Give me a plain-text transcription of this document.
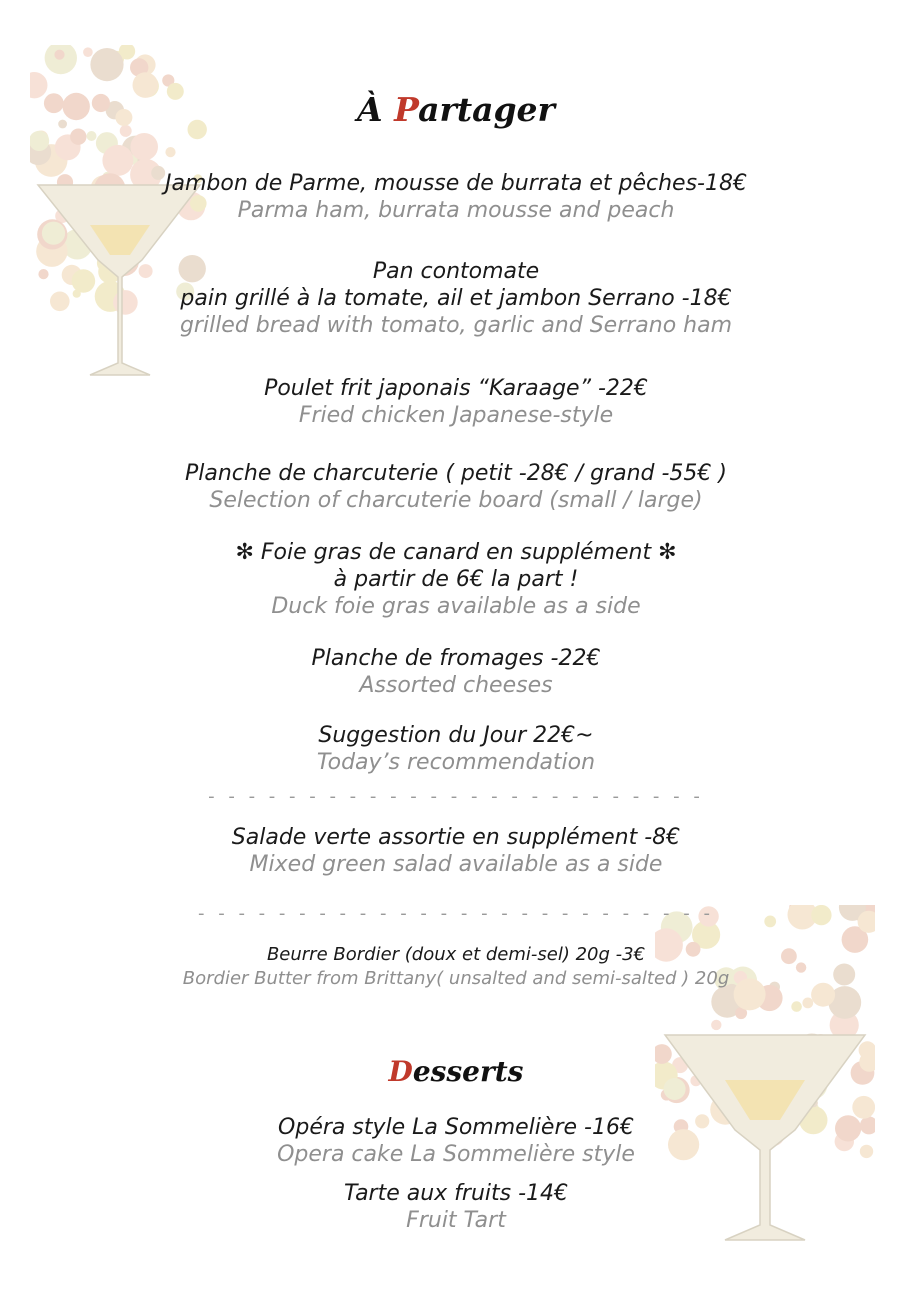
À Partager
Jambon de Parme, mousse de burrata et pêches-18€
Parma ham, burrata mousse and peach
Pan contomate
pain grillé à la tomate, ail et jambon Serrano -18€
grilled bread with tomato, garlic and Serrano ham
Poulet frit japonais “Karaage” -22€
Fried chicken Japanese-style
Planche de charcuterie ( petit -28€ / grand -55€ )
Selection of charcuterie board (small / large)
✻ Foie gras de canard en supplément ✻
à partir de 6€ la part !
Duck foie gras available as a side
Planche de fromages -22€
Assorted cheeses
Suggestion du Jour 22€~
Today’s recommendation
- - - - - - - - - - - - - - - - - - - - - - - - -
Salade verte assortie en supplément -8€
Mixed green salad available as a side
- - - - - - - - - - - - - - - - - - - - - - - - - -
Beurre Bordier (doux et demi-sel) 20g -3€
Bordier Butter from Brittany( unsalted and semi-salted ) 20g
Desserts
Opéra style La Sommelière -16€
Opera cake La Sommelière style
Tarte aux fruits -14€
Fruit Tart
